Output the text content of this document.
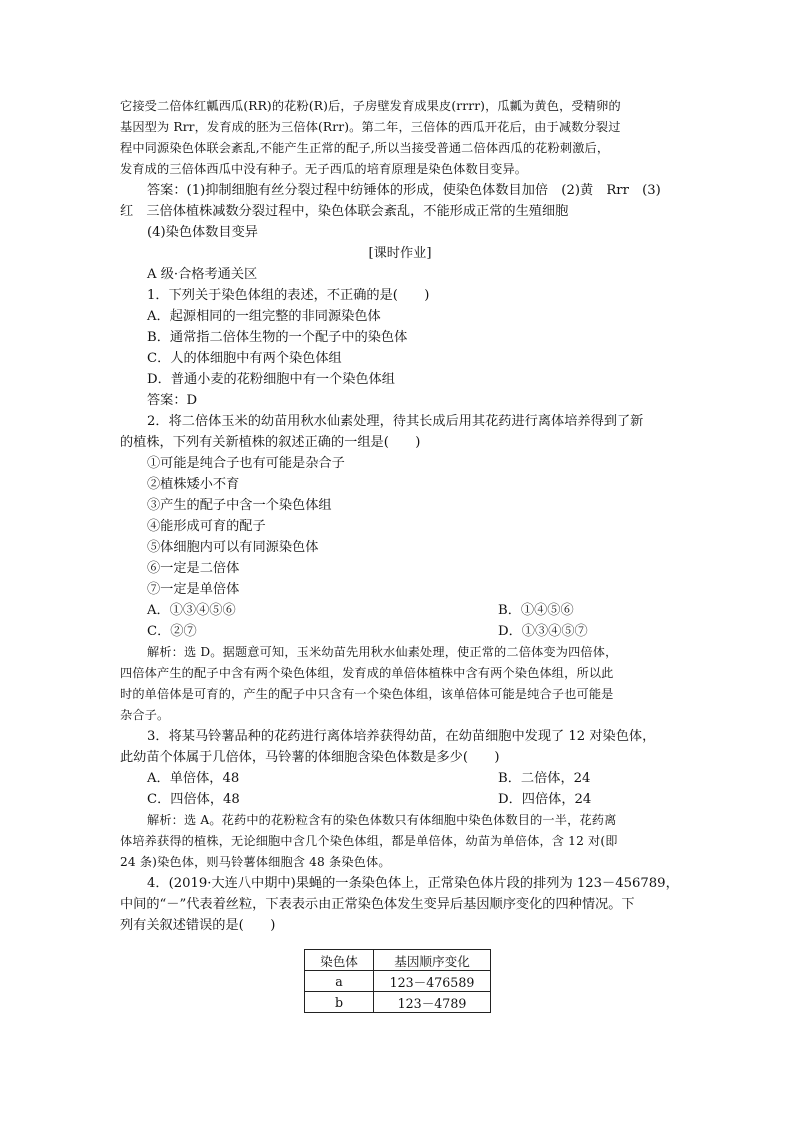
它接受二倍体红瓤西瓜(RR)的花粉(R)后，子房壁发育成果皮(rrrr)，瓜瓤为黄色，受精卵的
基因型为 Rrr，发育成的胚为三倍体(Rrr)。第二年，三倍体的西瓜开花后，由于减数分裂过
程中同源染色体联会紊乱,不能产生正常的配子,所以当接受普通二倍体西瓜的花粉刺激后，
发育成的三倍体西瓜中没有种子。无子西瓜的培育原理是染色体数目变异。
答案：(1)抑制细胞有丝分裂过程中纺锤体的形成，使染色体数目加倍　(2)黄　Rrr　(3)
红　三倍体植株减数分裂过程中，染色体联会紊乱，不能形成正常的生殖细胞
(4)染色体数目变异
[课时作业]
A 级·合格考通关区
1．下列关于染色体组的表述，不正确的是(　　)
A．起源相同的一组完整的非同源染色体
B．通常指二倍体生物的一个配子中的染色体
C．人的体细胞中有两个染色体组
D．普通小麦的花粉细胞中有一个染色体组
答案：D
2．将二倍体玉米的幼苗用秋水仙素处理，待其长成后用其花药进行离体培养得到了新
的植株，下列有关新植株的叙述正确的一组是(　　)
①可能是纯合子也有可能是杂合子
②植株矮小不育
③产生的配子中含一个染色体组
④能形成可育的配子
⑤体细胞内可以有同源染色体
⑥一定是二倍体
⑦一定是单倍体
A．①③④⑤⑥	B．①④⑤⑥
C．②⑦	D．①③④⑤⑦
解析：选 D。据题意可知，玉米幼苗先用秋水仙素处理，使正常的二倍体变为四倍体，
四倍体产生的配子中含有两个染色体组，发育成的单倍体植株中含有两个染色体组，所以此
时的单倍体是可育的，产生的配子中只含有一个染色体组，该单倍体可能是纯合子也可能是
杂合子。
3．将某马铃薯品种的花药进行离体培养获得幼苗，在幼苗细胞中发现了 12 对染色体，
此幼苗个体属于几倍体，马铃薯的体细胞含染色体数是多少(　　)
A．单倍体，48	B．二倍体，24
C．四倍体，48	D．四倍体，24
解析：选 A。花药中的花粉粒含有的染色体数只有体细胞中染色体数目的一半，花药离
体培养获得的植株，无论细胞中含几个染色体组，都是单倍体，幼苗为单倍体，含 12 对(即
24 条)染色体，则马铃薯体细胞含 48 条染色体。
4．(2019·大连八中期中)果蝇的一条染色体上，正常染色体片段的排列为 123－456789，
中间的“－”代表着丝粒，下表表示由正常染色体发生变异后基因顺序变化的四种情况。下
列有关叙述错误的是(　　)
染色体	基因顺序变化
a	123－476589
b	123－4789
